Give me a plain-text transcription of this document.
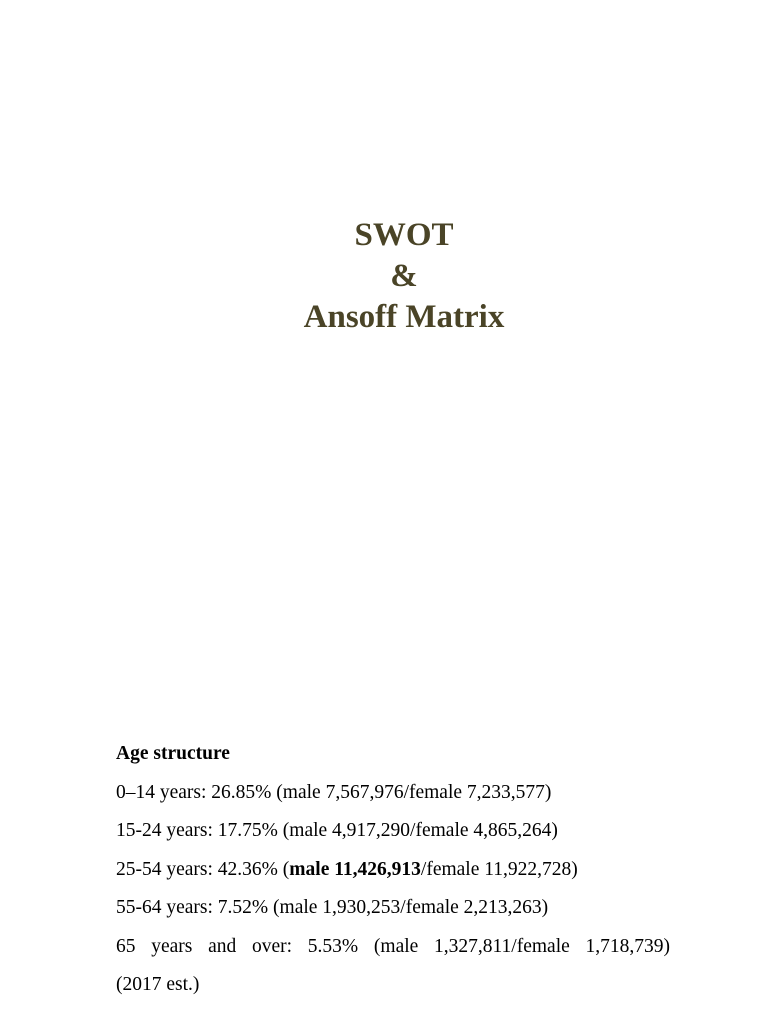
SWOT
&
Ansoff Matrix
Age structure
0–14 years: 26.85% (male 7,567,976/female 7,233,577)
15-24 years: 17.75% (male 4,917,290/female 4,865,264)
25-54 years: 42.36% (male 11,426,913/female 11,922,728)
55-64 years: 7.52% (male 1,930,253/female 2,213,263)
65 years and over: 5.53% (male 1,327,811/female 1,718,739)
(2017 est.)
